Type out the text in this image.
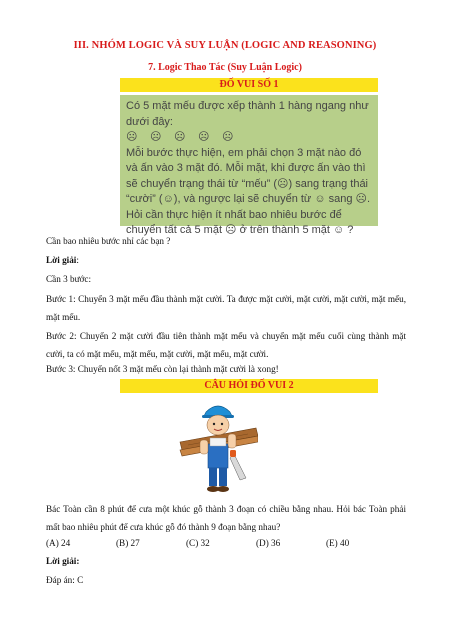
III. NHÓM LOGIC VÀ SUY LUẬN (LOGIC AND REASONING)
7. Logic Thao Tác (Suy Luận Logic)
ĐỐ VUI SỐ 1
Có 5 mặt mếu được xếp thành 1 hàng ngang như dưới đây:
☹ ☹ ☹ ☹ ☹
Mỗi bước thực hiện, em phải chọn 3 mặt nào đó và ấn vào 3 mặt đó. Mỗi mặt, khi được ấn vào thì sẽ chuyển trạng thái từ “mếu” (☹) sang trạng thái “cười” (☺), và ngược lại sẽ chuyển từ ☺ sang ☹. Hỏi cần thực hiện ít nhất bao nhiêu bước để chuyển tất cả 5 mặt ☹ ở trên thành 5 mặt ☺ ?
Cần bao nhiêu bước nhỉ các bạn ?
Lời giải:
Cần 3 bước:
Bước 1: Chuyển 3 mặt mếu đầu thành mặt cười. Ta được mặt cười, mặt cười, mặt cười, mặt mếu, mặt mếu.
Bước 2: Chuyển 2 mặt cười đầu tiên thành mặt mếu và chuyển mặt mếu cuối cùng thành mặt cười, ta có mặt mếu, mặt mếu, mặt cười, mặt mếu, mặt cười.
Bước 3: Chuyển nốt 3 mặt mếu còn lại thành mặt cười là xong!
CÂU HỎI ĐỐ VUI 2
Bác Toàn cần 8 phút để cưa một khúc gỗ thành 3 đoạn có chiều bằng nhau. Hỏi bác Toàn phải mất bao nhiêu phút để cưa khúc gỗ đó thành 9 đoạn bằng nhau?
(A) 24	(B) 27	(C) 32	(D) 36	(E) 40
Lời giải:
Đáp án: C
